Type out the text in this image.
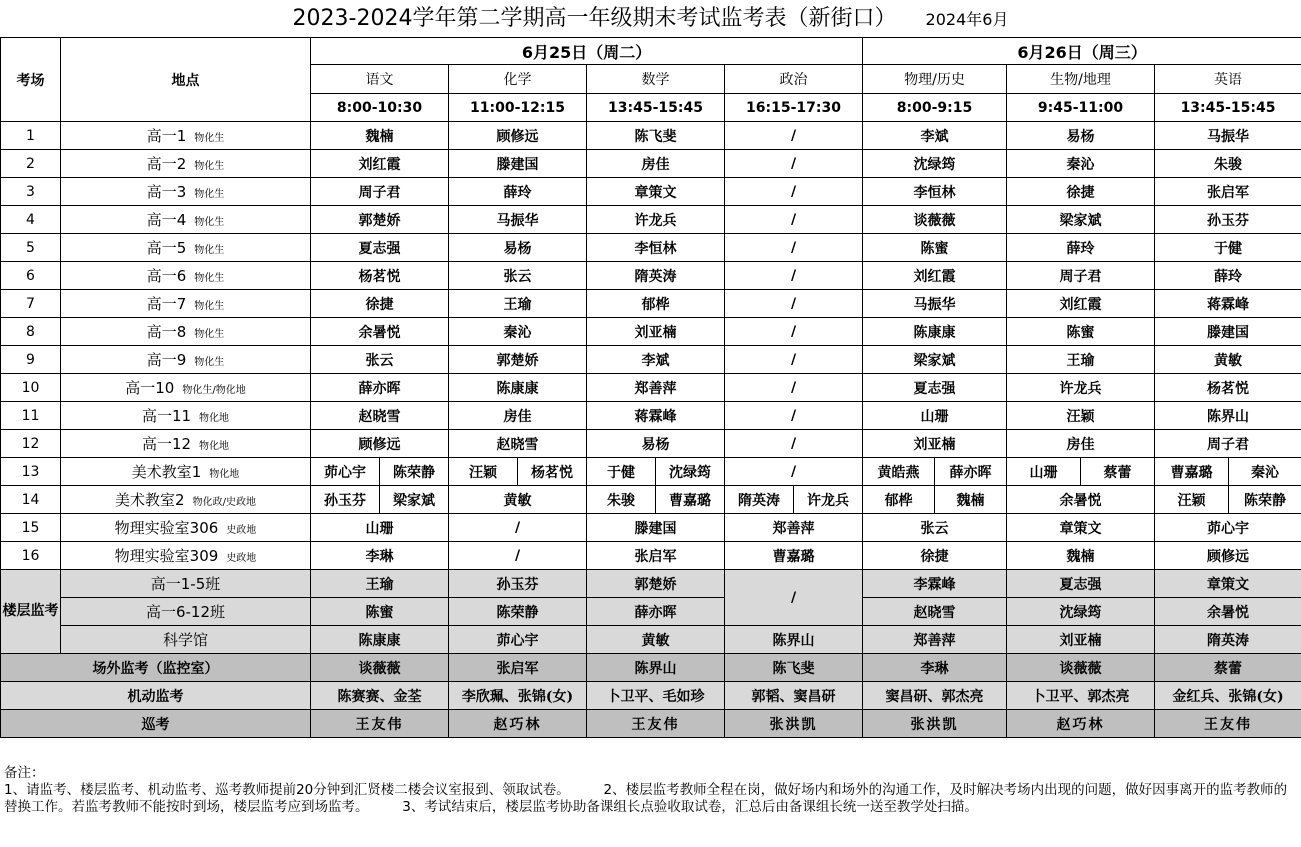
2023-2024学年第二学期高一年级期末考试监考表（新街口） 2024年6月
考场	地点	6月25日（周二）								6月26日（周三）					
		语文		化学		数学		政治		物理/历史		生物/地理		英语	
		8:00-10:30		11:00-12:15		13:45-15:45		16:15-17:30		8:00-9:15		9:45-11:00		13:45-15:45	
1	高一1 物化生	魏楠		顾修远		陈飞斐		/		李斌		易杨		马振华	
2	高一2 物化生	刘红霞		滕建国		房佳		/		沈绿筠		秦沁		朱骏	
3	高一3 物化生	周子君		薛玲		章策文		/		李恒林		徐捷		张启军	
4	高一4 物化生	郭楚娇		马振华		许龙兵		/		谈薇薇		梁家斌		孙玉芬	
5	高一5 物化生	夏志强		易杨		李恒林		/		陈蜜		薛玲		于健	
6	高一6 物化生	杨茗悦		张云		隋英涛		/		刘红霞		周子君		薛玲	
7	高一7 物化生	徐捷		王瑜		郁桦		/		马振华		刘红霞		蒋霖峰	
8	高一8 物化生	余暑悦		秦沁		刘亚楠		/		陈康康		陈蜜		滕建国	
9	高一9 物化生	张云		郭楚娇		李斌		/		梁家斌		王瑜		黄敏	
10	高一10 物化生/物化地	薛亦晖		陈康康		郑善萍		/		夏志强		许龙兵		杨茗悦	
11	高一11 物化地	赵晓雪		房佳		蒋霖峰		/		山珊		汪颖		陈界山	
12	高一12 物化地	顾修远		赵晓雪		易杨		/		刘亚楠		房佳		周子君	
13	美术教室1 物化地	茆心宇	陈荣静	汪颖	杨茗悦	于健	沈绿筠	/		黄皓燕	薛亦晖	山珊	蔡蕾	曹嘉璐	秦沁
14	美术教室2 物化政/史政地	孙玉芬	梁家斌	黄敏		朱骏	曹嘉璐	隋英涛	许龙兵	郁桦	魏楠	余暑悦		汪颖	陈荣静
15	物理实验室306 史政地	山珊		/		滕建国		郑善萍		张云		章策文		茆心宇	
16	物理实验室309 史政地	李琳		/		张启军		曹嘉璐		徐捷		魏楠		顾修远	
楼层监考	高一1-5班	王瑜		孙玉芬		郭楚娇		/		李霖峰		夏志强		章策文	
	高一6-12班	陈蜜		陈荣静		薛亦晖				赵晓雪		沈绿筠		余暑悦	
	科学馆	陈康康		茆心宇		黄敏		陈界山		郑善萍		刘亚楠		隋英涛	
场外监考（监控室）		谈薇薇		张启军		陈界山		陈飞斐		李琳		谈薇薇		蔡蕾	
机动监考		陈赛赛、金荃		李欣珮、张锦(女)		卜卫平、毛如珍		郭韬、窦昌研		窦昌研、郭杰亮		卜卫平、郭杰亮		金红兵、张锦(女)	
巡考		王友伟		赵巧林		王友伟		张洪凯		张洪凯		赵巧林		王友伟	
备注：
1、请监考、楼层监考、机动监考、巡考教师提前20分钟到汇贤楼二楼会议室报到、领取试卷。　　　2、楼层监考教师全程在岗，做好场内和场外的沟通工作，及时解决考场内出现的问题，做好因事离开的监考教师的替换工作。若监考教师不能按时到场，楼层监考应到场监考。　　　3、考试结束后，楼层监考协助备课组长点验收取试卷，汇总后由备课组长统一送至教学处扫描。
